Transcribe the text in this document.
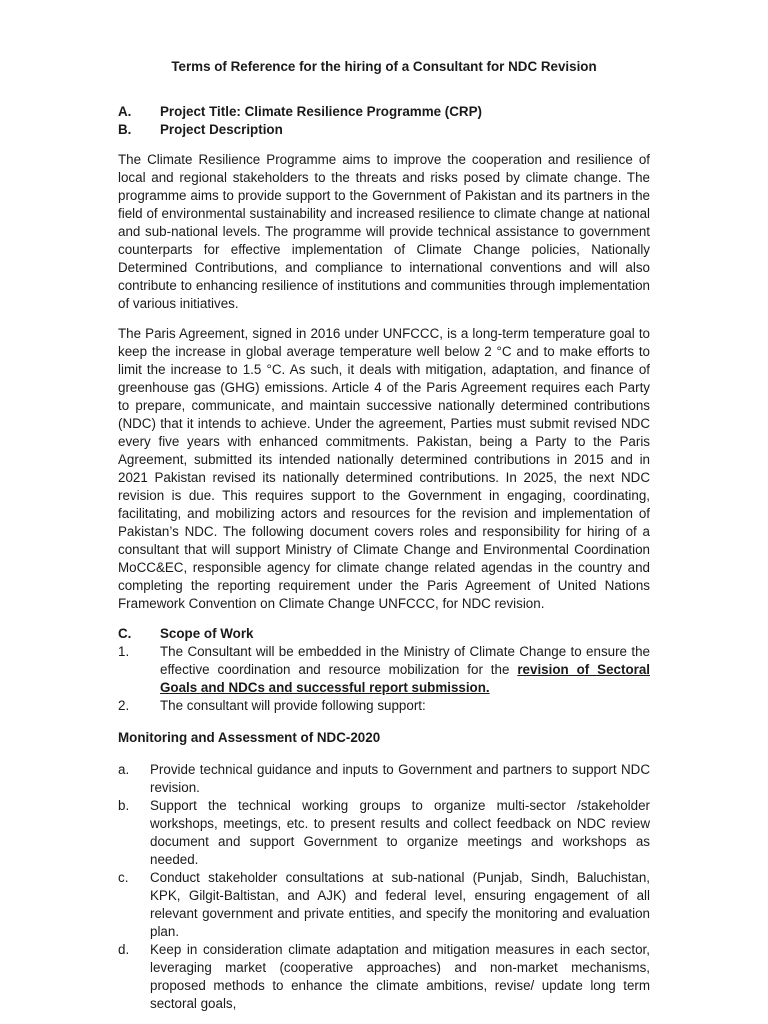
Terms of Reference for the hiring of a Consultant for NDC Revision
A.	Project Title: Climate Resilience Programme (CRP)
B.	Project Description

The Climate Resilience Programme aims to improve the cooperation and resilience of local and regional stakeholders to the threats and risks posed by climate change. The programme aims to provide support to the Government of Pakistan and its partners in the field of environmental sustainability and increased resilience to climate change at national and sub-national levels. The programme will provide technical assistance to government counterparts for effective implementation of Climate Change policies, Nationally Determined Contributions, and compliance to international conventions and will also contribute to enhancing resilience of institutions and communities through implementation of various initiatives.

The Paris Agreement, signed in 2016 under UNFCCC, is a long-term temperature goal to keep the increase in global average temperature well below 2 °C and to make efforts to limit the increase to 1.5 °C. As such, it deals with mitigation, adaptation, and finance of greenhouse gas (GHG) emissions. Article 4 of the Paris Agreement requires each Party to prepare, communicate, and maintain successive nationally determined contributions (NDC) that it intends to achieve. Under the agreement, Parties must submit revised NDC every five years with enhanced commitments. Pakistan, being a Party to the Paris Agreement, submitted its intended nationally determined contributions in 2015 and in 2021 Pakistan revised its nationally determined contributions. In 2025, the next NDC revision is due. This requires support to the Government in engaging, coordinating, facilitating, and mobilizing actors and resources for the revision and implementation of Pakistan’s NDC. The following document covers roles and responsibility for hiring of a consultant that will support Ministry of Climate Change and Environmental Coordination MoCC&EC, responsible agency for climate change related agendas in the country and completing the reporting requirement under the Paris Agreement of United Nations Framework Convention on Climate Change UNFCCC, for NDC revision.

C.	Scope of Work
1.	The Consultant will be embedded in the Ministry of Climate Change to ensure the effective coordination and resource mobilization for the revision of Sectoral Goals and NDCs and successful report submission.
2.	The consultant will provide following support:
Monitoring and Assessment of NDC-2020
a.	Provide technical guidance and inputs to Government and partners to support NDC revision.
b.	Support the technical working groups to organize multi-sector /stakeholder workshops, meetings, etc. to present results and collect feedback on NDC review document and support Government to organize meetings and workshops as needed.
c.	Conduct stakeholder consultations at sub-national (Punjab, Sindh, Baluchistan, KPK, Gilgit-Baltistan, and AJK) and federal level, ensuring engagement of all relevant government and private entities, and specify the monitoring and evaluation plan.
d.	Keep in consideration climate adaptation and mitigation measures in each sector, leveraging market (cooperative approaches) and non-market mechanisms, proposed methods to enhance the climate ambitions, revise/ update long term sectoral goals,
